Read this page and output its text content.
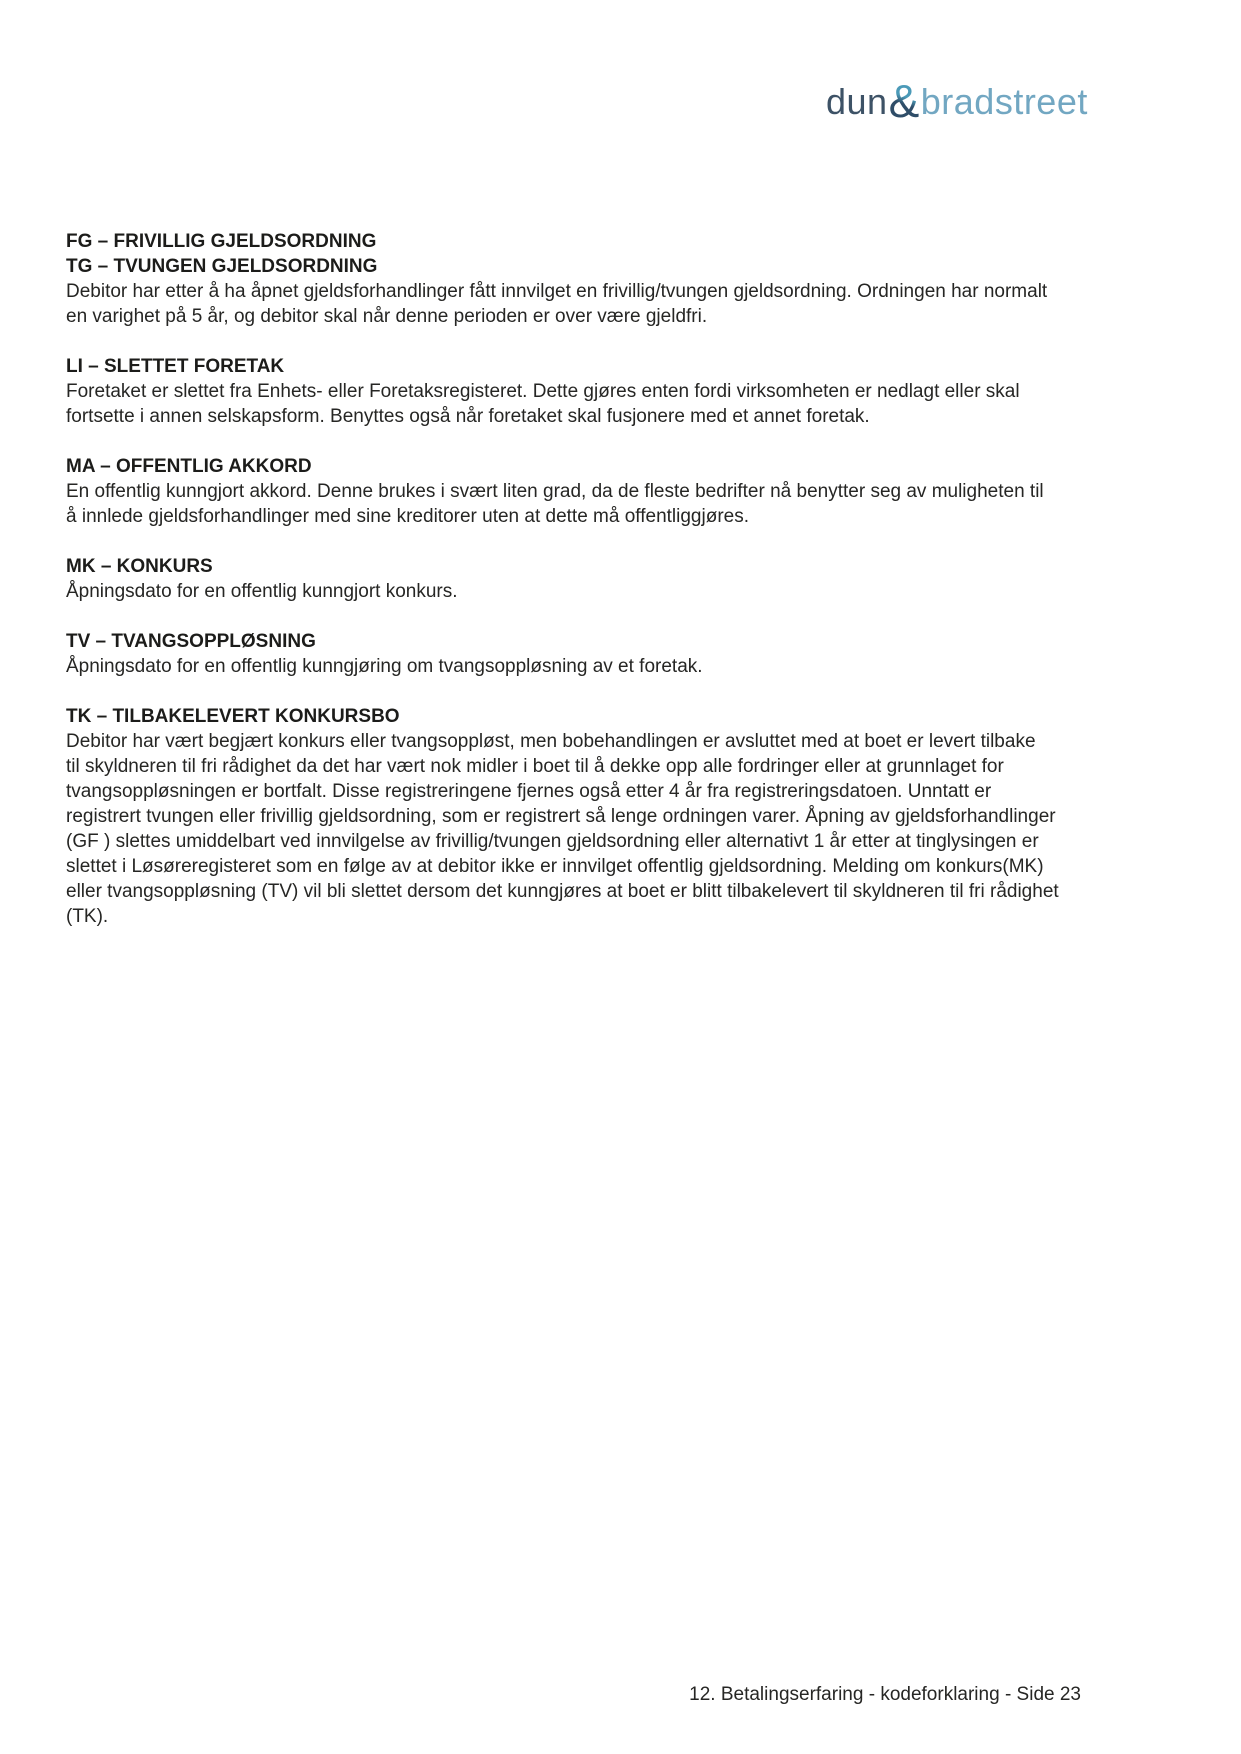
dun&bradstreet
FG – FRIVILLIG GJELDSORDNING
TG – TVUNGEN GJELDSORDNING
Debitor har etter å ha åpnet gjeldsforhandlinger fått innvilget en frivillig/tvungen gjeldsordning. Ordningen har normalt
en varighet på 5 år, og debitor skal når denne perioden er over være gjeldfri.
LI – SLETTET FORETAK
Foretaket er slettet fra Enhets- eller Foretaksregisteret. Dette gjøres enten fordi virksomheten er nedlagt eller skal
fortsette i annen selskapsform. Benyttes også når foretaket skal fusjonere med et annet foretak.
MA – OFFENTLIG AKKORD
En offentlig kunngjort akkord. Denne brukes i svært liten grad, da de fleste bedrifter nå benytter seg av muligheten til
å innlede gjeldsforhandlinger med sine kreditorer uten at dette må offentliggjøres.
MK – KONKURS
Åpningsdato for en offentlig kunngjort konkurs.
TV – TVANGSOPPLØSNING
Åpningsdato for en offentlig kunngjøring om tvangsoppløsning av et foretak.
TK – TILBAKELEVERT KONKURSBO
Debitor har vært begjært konkurs eller tvangsoppløst, men bobehandlingen er avsluttet med at boet er levert tilbake
til skyldneren til fri rådighet da det har vært nok midler i boet til å dekke opp alle fordringer eller at grunnlaget for
tvangsoppløsningen er bortfalt. Disse registreringene fjernes også etter 4 år fra registreringsdatoen. Unntatt er
registrert tvungen eller frivillig gjeldsordning, som er registrert så lenge ordningen varer. Åpning av gjeldsforhandlinger
(GF ) slettes umiddelbart ved innvilgelse av frivillig/tvungen gjeldsordning eller alternativt 1 år etter at tinglysingen er
slettet i Løsøreregisteret som en følge av at debitor ikke er innvilget offentlig gjeldsordning. Melding om konkurs(MK)
eller tvangsoppløsning (TV) vil bli slettet dersom det kunngjøres at boet er blitt tilbakelevert til skyldneren til fri rådighet
(TK).
12. Betalingserfaring - kodeforklaring - Side 23
